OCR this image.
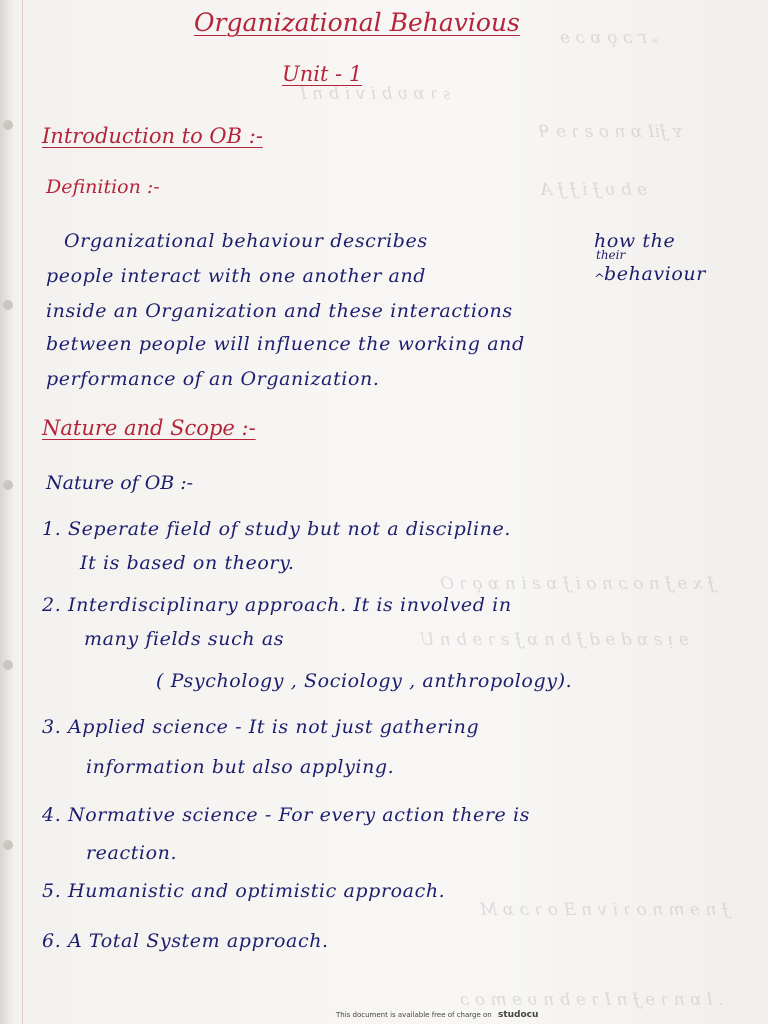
ₔ ᴦ ɔ ǫ ɒ ɔ ɘ
ᵴ ɿ ɒ υ b i v i b n I
ʏ ɈiI ɒ n o ƨ ɿ ɘ ᑫ
ɘ b υ Ɉ i Ɉ Ɉ A
Ɉ x ɘ Ɉ n o ɔ n o i Ɉ ɒ ƨ i n ɒ ǫ ɿ O
ɘ ᴉ ƨ ɒ d ɘ d Ɉ b n ɒ Ɉ ƨ ɿ ɘ b n U
Ɉ n ɘ m n o ɿ i v n Ǝ o ɿ ɔ ɒ M
. l ɒ n ɿ ɘ Ɉ n I ɿ ɘ b n υ ɘ m o ɔ
Organizational Behavious
Unit - 1
Introduction to OB :-
Definition :-
Organizational behaviour describes	how the
their
people interact with one another and	^ behaviour
inside an Organization and these interactions
between people will influence the working and
performance of an Organization.
Nature and Scope :-
Nature of OB :-
1. Seperate field of study but not a discipline.
It is based on theory.
2. Interdisciplinary approach. It is involved in
many fields such as
( Psychology , Sociology , anthropology).
3. Applied science - It is not just gathering
information but also applying.
4. Normative science - For every action there is
reaction.
5. Humanistic and optimistic approach.
6. A Total System approach.
This document is available free of charge on studocu
